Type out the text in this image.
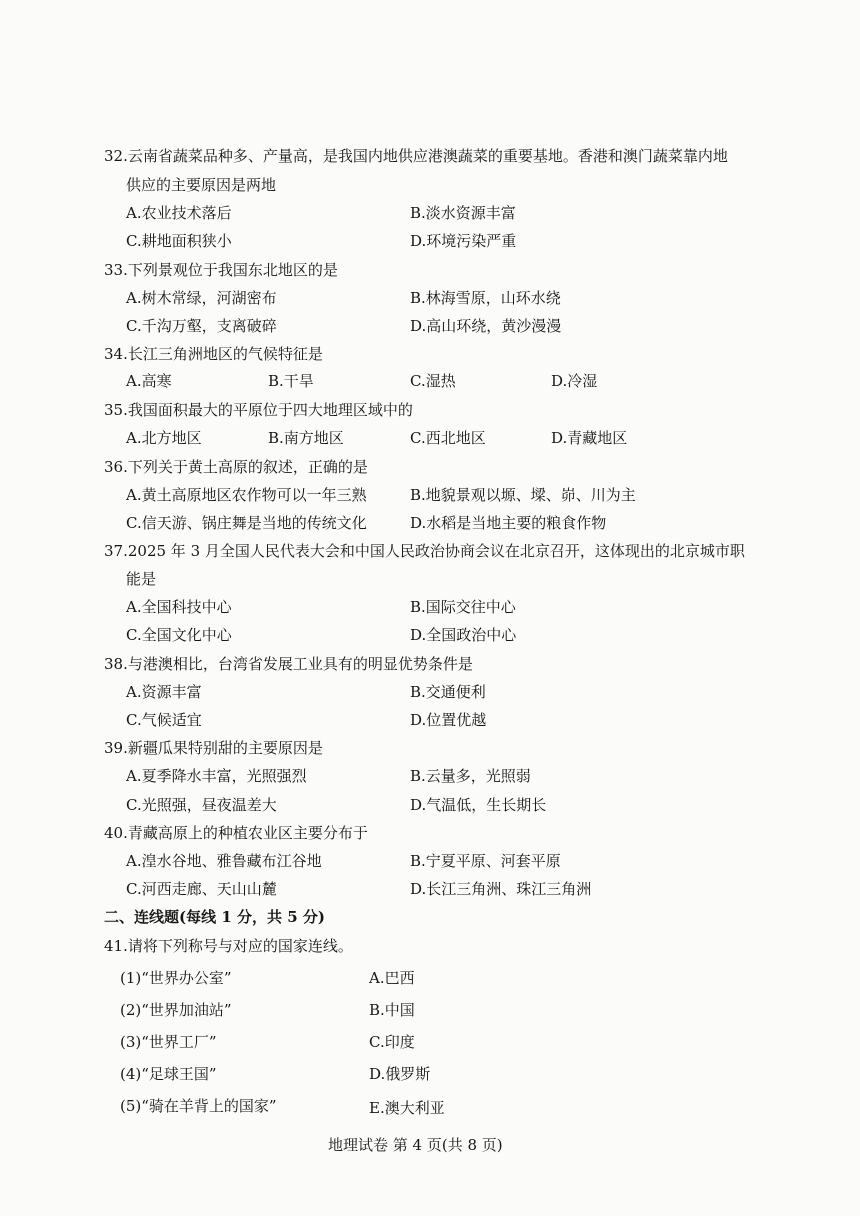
32.云南省蔬菜品种多、产量高，是我国内地供应港澳蔬菜的重要基地。香港和澳门蔬菜靠内地
供应的主要原因是两地
A.农业技术落后	B.淡水资源丰富
C.耕地面积狭小	D.环境污染严重
33.下列景观位于我国东北地区的是
A.树木常绿，河湖密布	B.林海雪原，山环水绕
C.千沟万壑，支离破碎	D.高山环绕，黄沙漫漫
34.长江三角洲地区的气候特征是
A.高寒	B.干旱	C.湿热	D.冷湿
35.我国面积最大的平原位于四大地理区域中的
A.北方地区	B.南方地区	C.西北地区	D.青藏地区
36.下列关于黄土高原的叙述，正确的是
A.黄土高原地区农作物可以一年三熟	B.地貌景观以塬、墚、峁、川为主
C.信天游、锅庄舞是当地的传统文化	D.水稻是当地主要的粮食作物
37.2025 年 3 月全国人民代表大会和中国人民政治协商会议在北京召开，这体现出的北京城市职
能是
A.全国科技中心	B.国际交往中心
C.全国文化中心	D.全国政治中心
38.与港澳相比，台湾省发展工业具有的明显优势条件是
A.资源丰富	B.交通便利
C.气候适宜	D.位置优越
39.新疆瓜果特别甜的主要原因是
A.夏季降水丰富，光照强烈	B.云量多，光照弱
C.光照强，昼夜温差大	D.气温低，生长期长
40.青藏高原上的种植农业区主要分布于
A.湟水谷地、雅鲁藏布江谷地	B.宁夏平原、河套平原
C.河西走廊、天山山麓	D.长江三角洲、珠江三角洲
二、连线题(每线 1 分，共 5 分)
41.请将下列称号与对应的国家连线。
(1)“世界办公室”	A.巴西
(2)“世界加油站”	B.中国
(3)“世界工厂”	C.印度
(4)“足球王国”	D.俄罗斯
(5)“骑在羊背上的国家”	E.澳大利亚
地理试卷 第 4 页(共 8 页)
